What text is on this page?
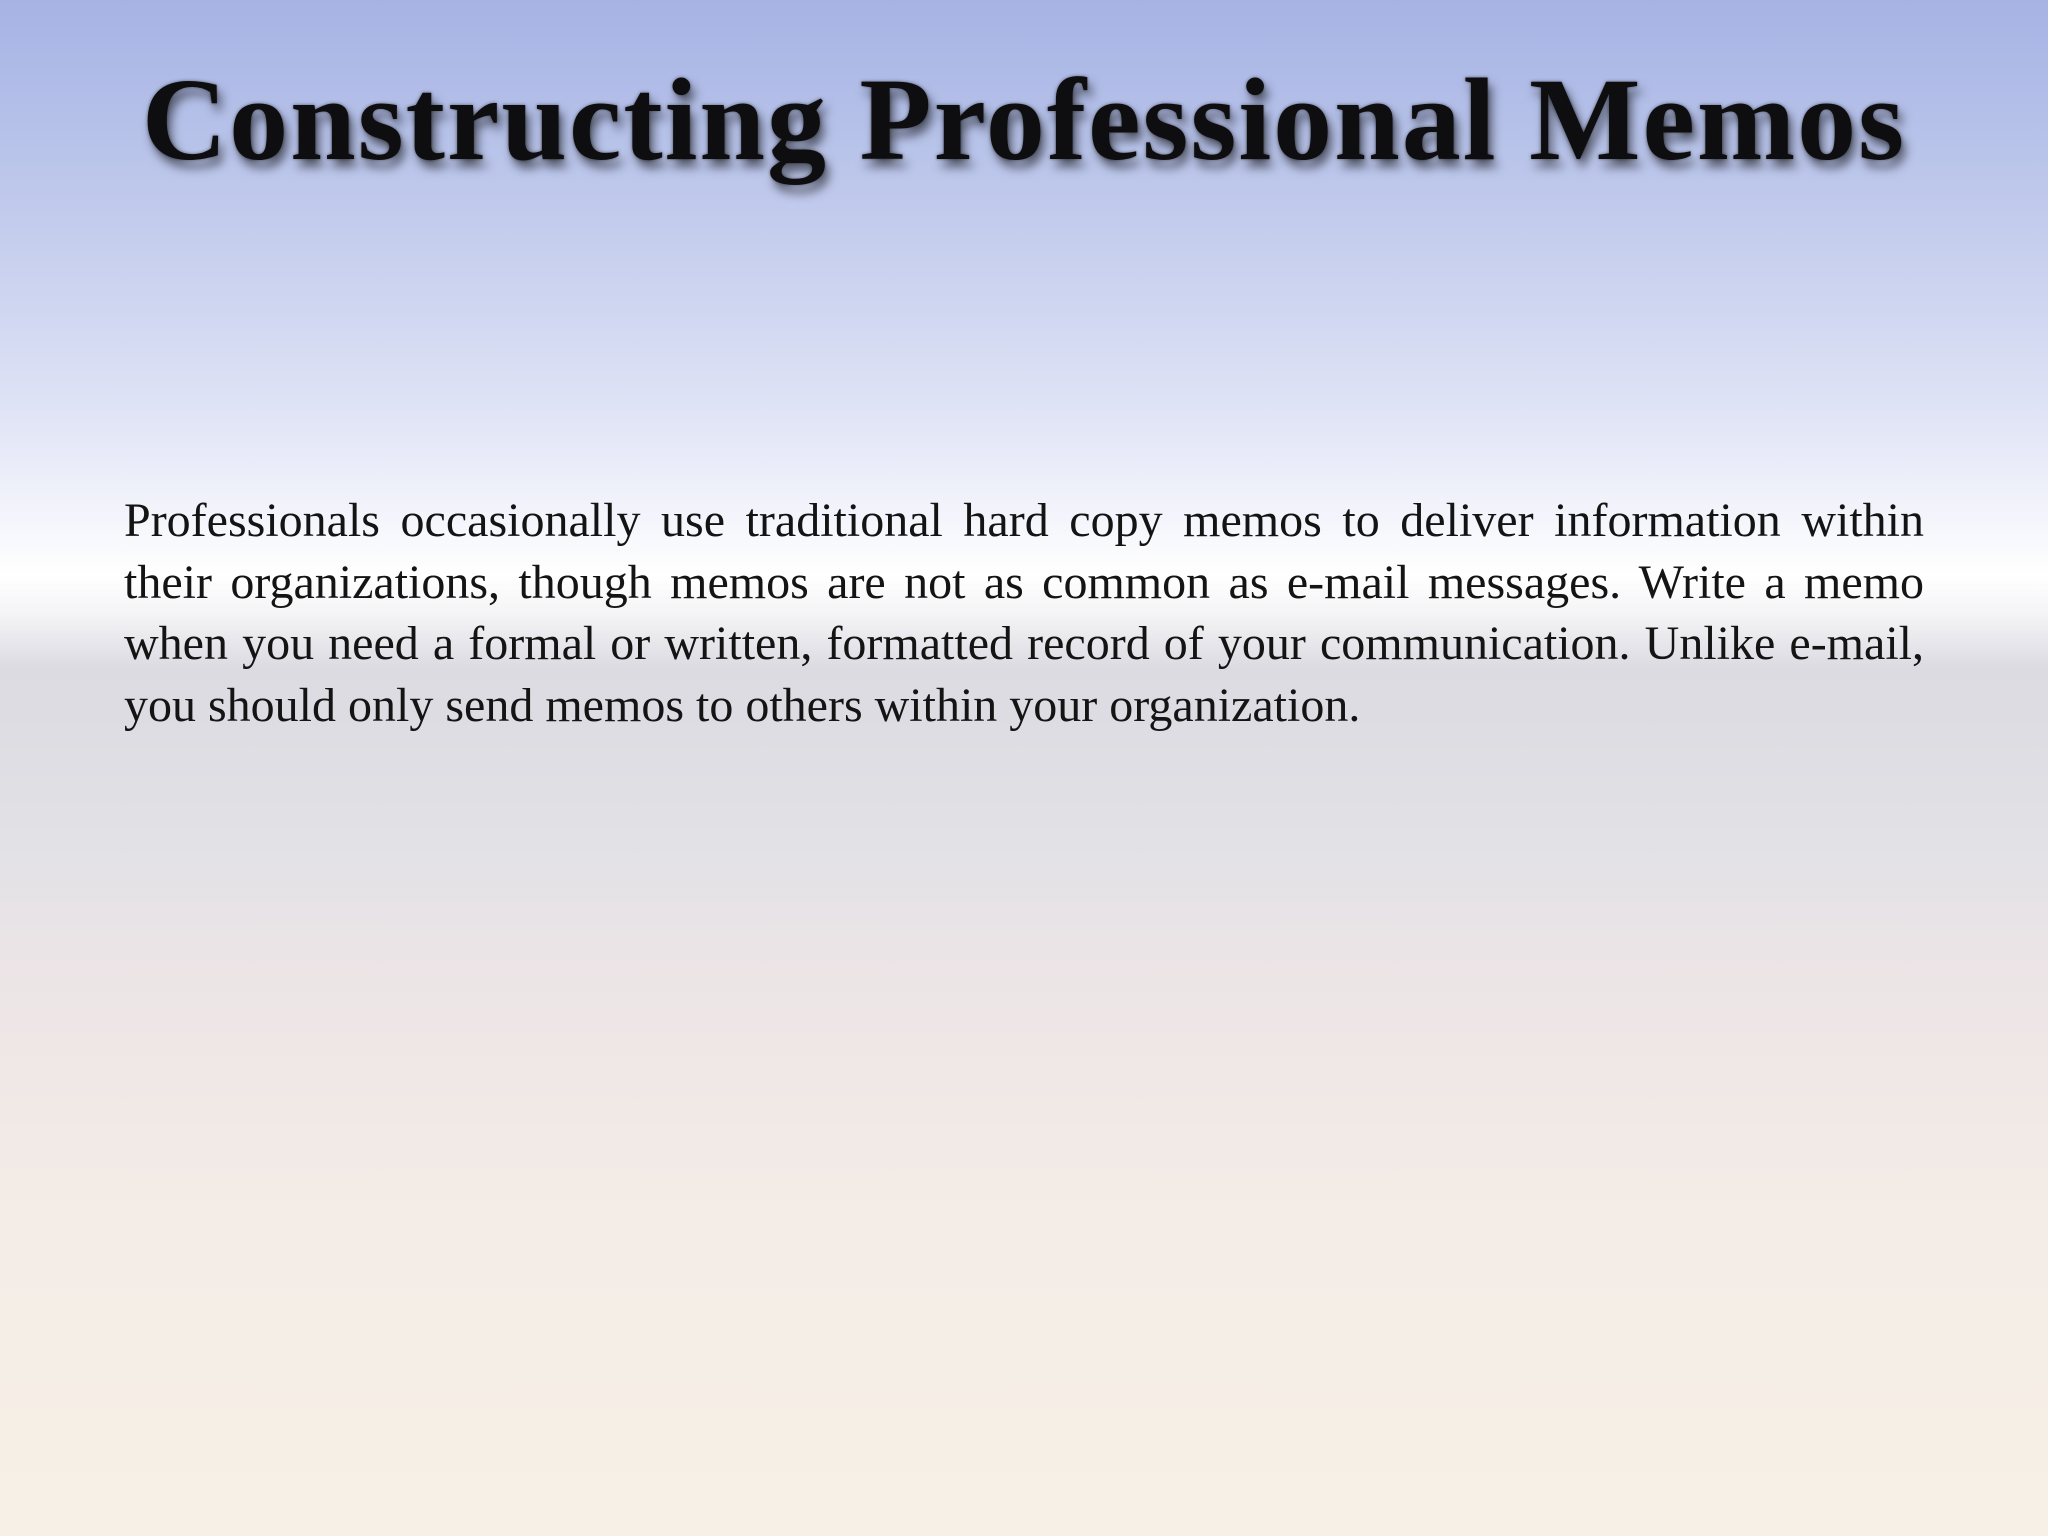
Constructing Professional Memos

Professionals occasionally use traditional hard copy memos to deliver information within their organizations, though memos are not as common as e-mail messages. Write a memo when you need a formal or written, formatted record of your communication. Unlike e-mail, you should only send memos to others within your organization.
